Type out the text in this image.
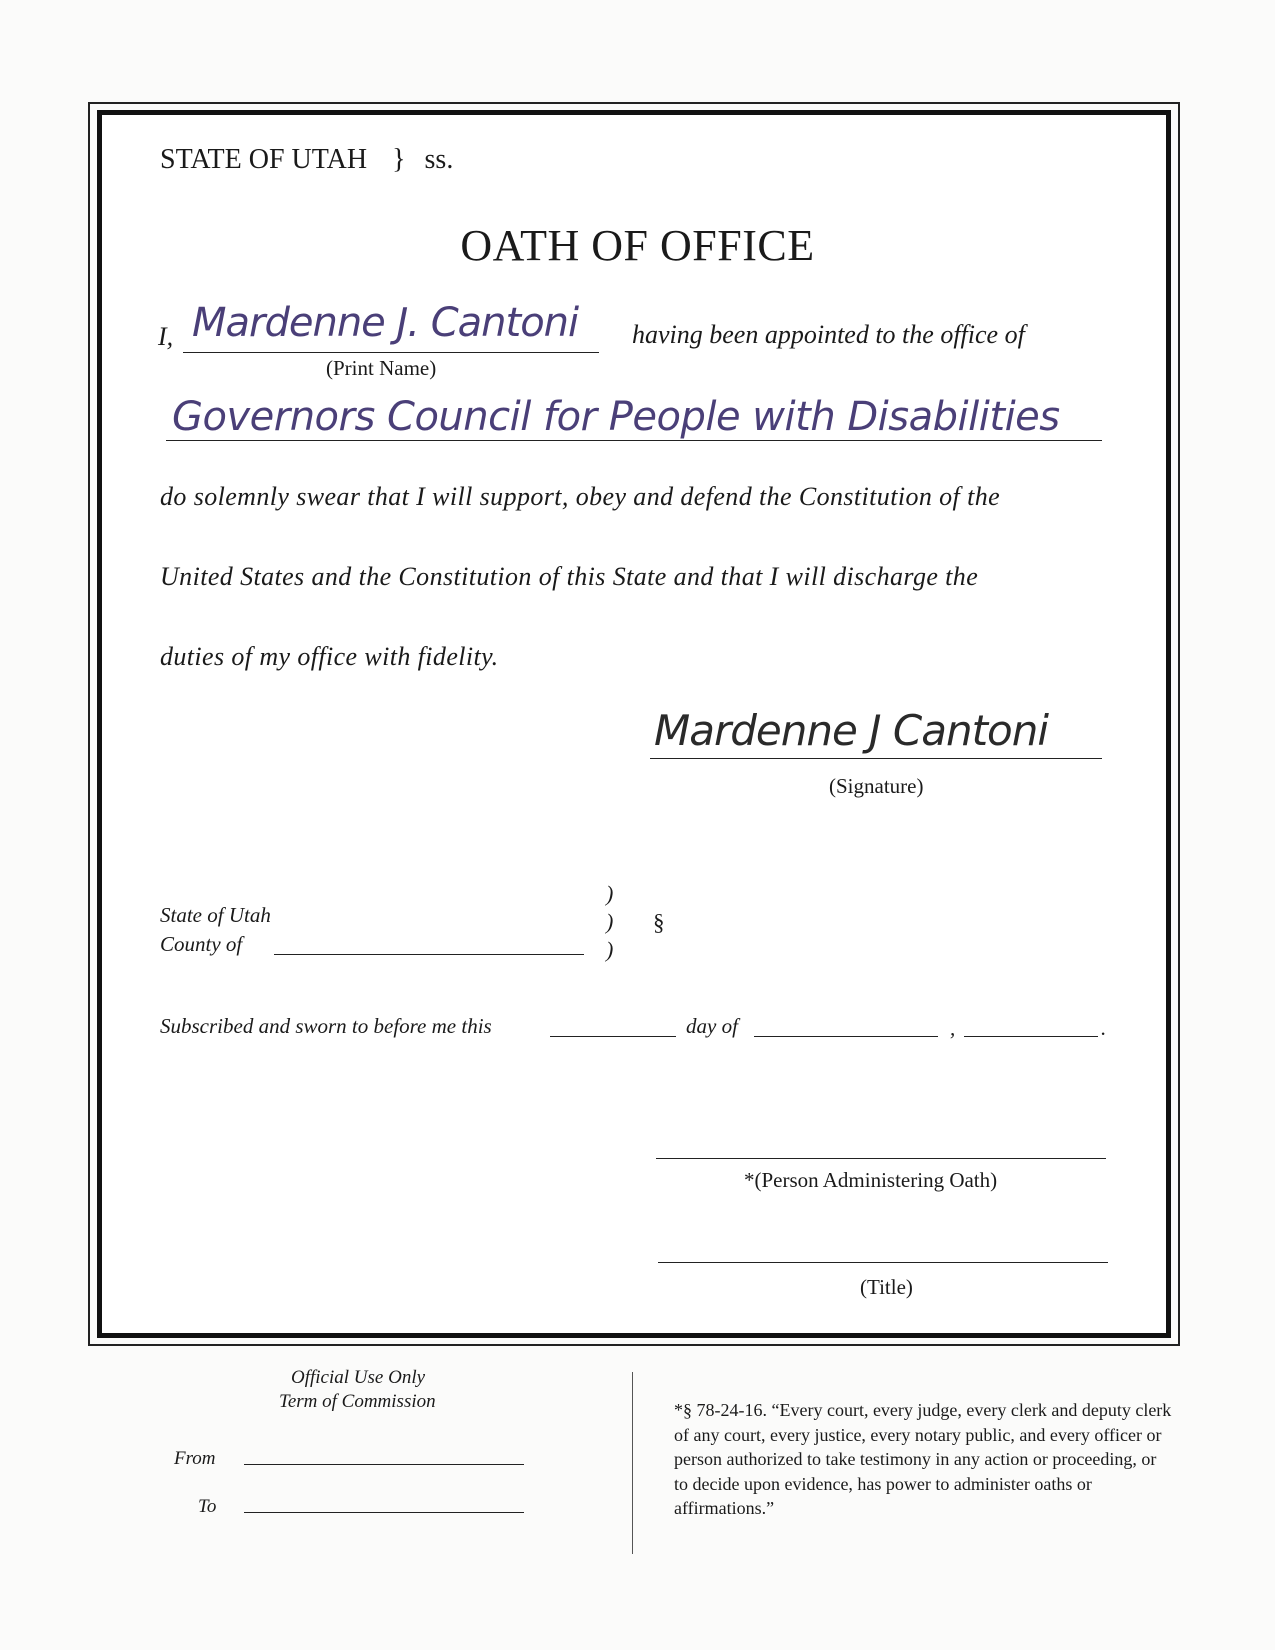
STATE OF UTAH } ss.
OATH OF OFFICE
I, Mardenne J. Cantoni having been appointed to the office of
(Print Name)
Governors Council for People with Disabilities
do solemnly swear that I will support, obey and defend the Constitution of the
United States and the Constitution of this State and that I will discharge the
duties of my office with fidelity.
Mardenne J Cantoni
(Signature)
State of Utah
County of
)
)
)
§
Subscribed and sworn to before me this	day of	,	.
*(Person Administering Oath)
(Title)
Official Use Only
Term of Commission
From
To
*§ 78-24-16. “Every court, every judge, every clerk and deputy clerk of any court, every justice, every notary public, and every officer or person authorized to take testimony in any action or proceeding, or to decide upon evidence, has power to administer oaths or affirmations.”
